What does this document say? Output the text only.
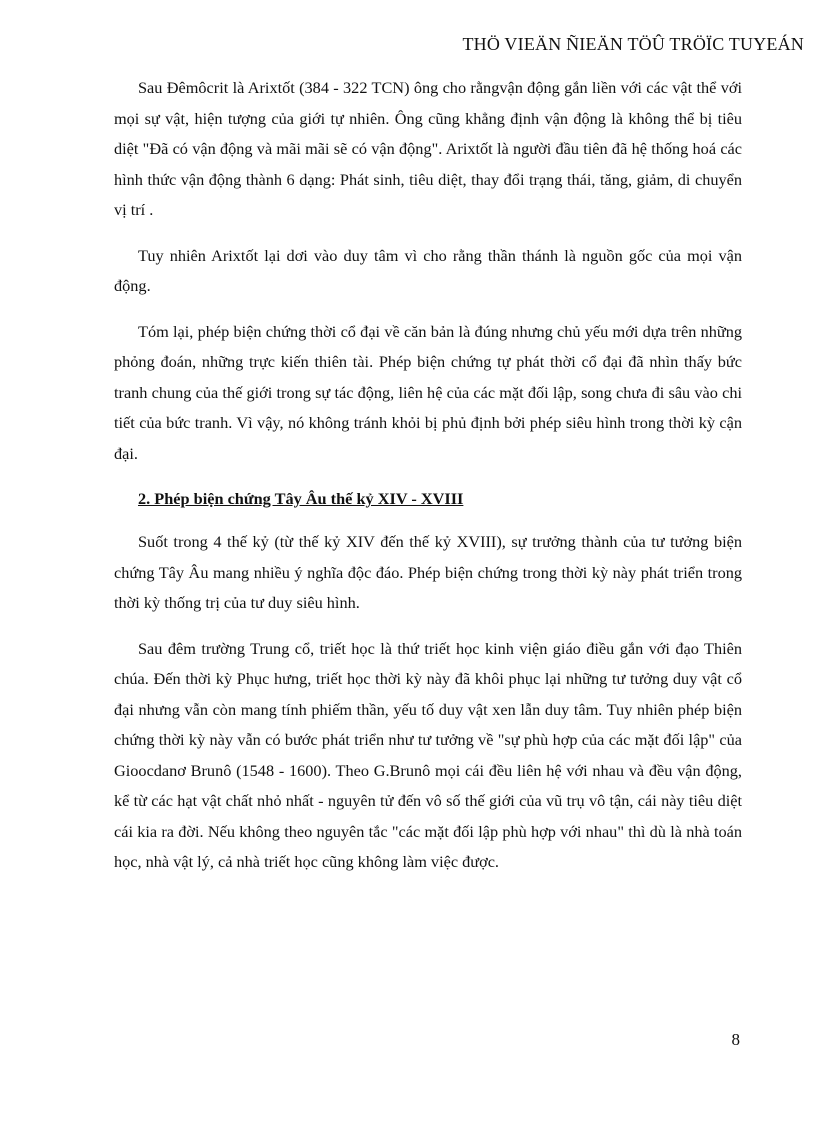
THÖ VIEÄN ÑIEÄN TÖÛ TRÖÏC TUYEÁN

Sau Đêmôcrit là Arixtốt (384 - 322 TCN) ông cho rằngvận động gắn liền với các vật thể với mọi sự vật, hiện tượng của giới tự nhiên. Ông cũng khẳng định vận động là không thể bị tiêu diệt "Đã có vận động và mãi mãi sẽ có vận động". Arixtốt là người đầu tiên đã hệ thống hoá các hình thức vận động thành 6 dạng: Phát sinh, tiêu diệt, thay đổi trạng thái, tăng, giảm, di chuyển vị trí .

Tuy nhiên Arixtốt lại dơi vào duy tâm vì cho rằng thần thánh là nguồn gốc của mọi vận động.

Tóm lại, phép biện chứng thời cổ đại về căn bản là đúng nhưng chủ yếu mới dựa trên những phỏng đoán, những trực kiến thiên tài. Phép biện chứng tự phát thời cổ đại đã nhìn thấy bức tranh chung của thế giới trong sự tác động, liên hệ của các mặt đối lập, song chưa đi sâu vào chi tiết của bức tranh. Vì vậy, nó không tránh khỏi bị phủ định bởi phép siêu hình trong thời kỳ cận đại.

2. Phép biện chứng Tây Âu thế kỷ XIV - XVIII

Suốt trong 4 thế kỷ (từ thế kỷ XIV đến thế kỷ XVIII), sự trưởng thành của tư tưởng biện chứng Tây Âu mang nhiều ý nghĩa độc đáo. Phép biện chứng trong thời kỳ này phát triển trong thời kỳ thống trị của tư duy siêu hình.

Sau đêm trường Trung cổ, triết học là thứ triết học kinh viện giáo điều gắn với đạo Thiên chúa. Đến thời kỳ Phục hưng, triết học thời kỳ này đã khôi phục lại những tư tưởng duy vật cổ đại nhưng vẫn còn mang tính phiếm thần, yếu tố duy vật xen lẫn duy tâm. Tuy nhiên phép biện chứng thời kỳ này vẫn có bước phát triển như tư tưởng về "sự phù hợp của các mặt đối lập" của Gioocdanơ Brunô (1548 - 1600). Theo G.Brunô mọi cái đều liên hệ với nhau và đều vận động, kể từ các hạt vật chất nhỏ nhất - nguyên tử đến vô số thế giới của vũ trụ vô tận, cái này tiêu diệt cái kia ra đời. Nếu không theo nguyên tắc "các mặt đối lập phù hợp với nhau" thì dù là nhà toán học, nhà vật lý, cả nhà triết học cũng không làm việc được.

8
